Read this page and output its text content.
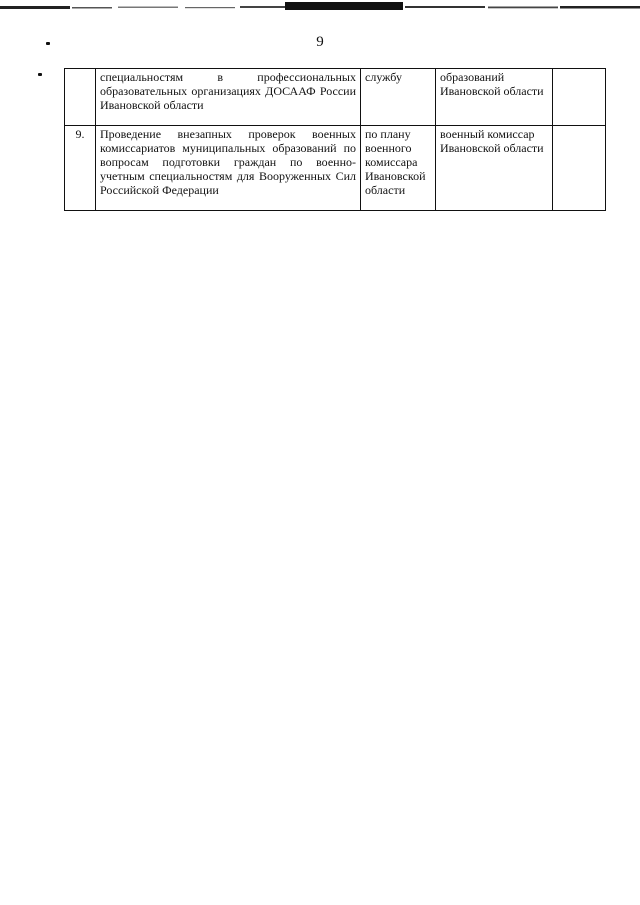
9
	специальностям в профессиональных образовательных организациях ДОСААФ России Ивановской области	службу	образований Ивановской области	
9.	Проведение внезапных проверок военных комиссариатов муниципальных образований по вопросам подготовки граждан по военно-учетным специальностям для Вооруженных Сил Российской Федерации	по плану военного комиссара Ивановской области	военный комиссар Ивановской области	
